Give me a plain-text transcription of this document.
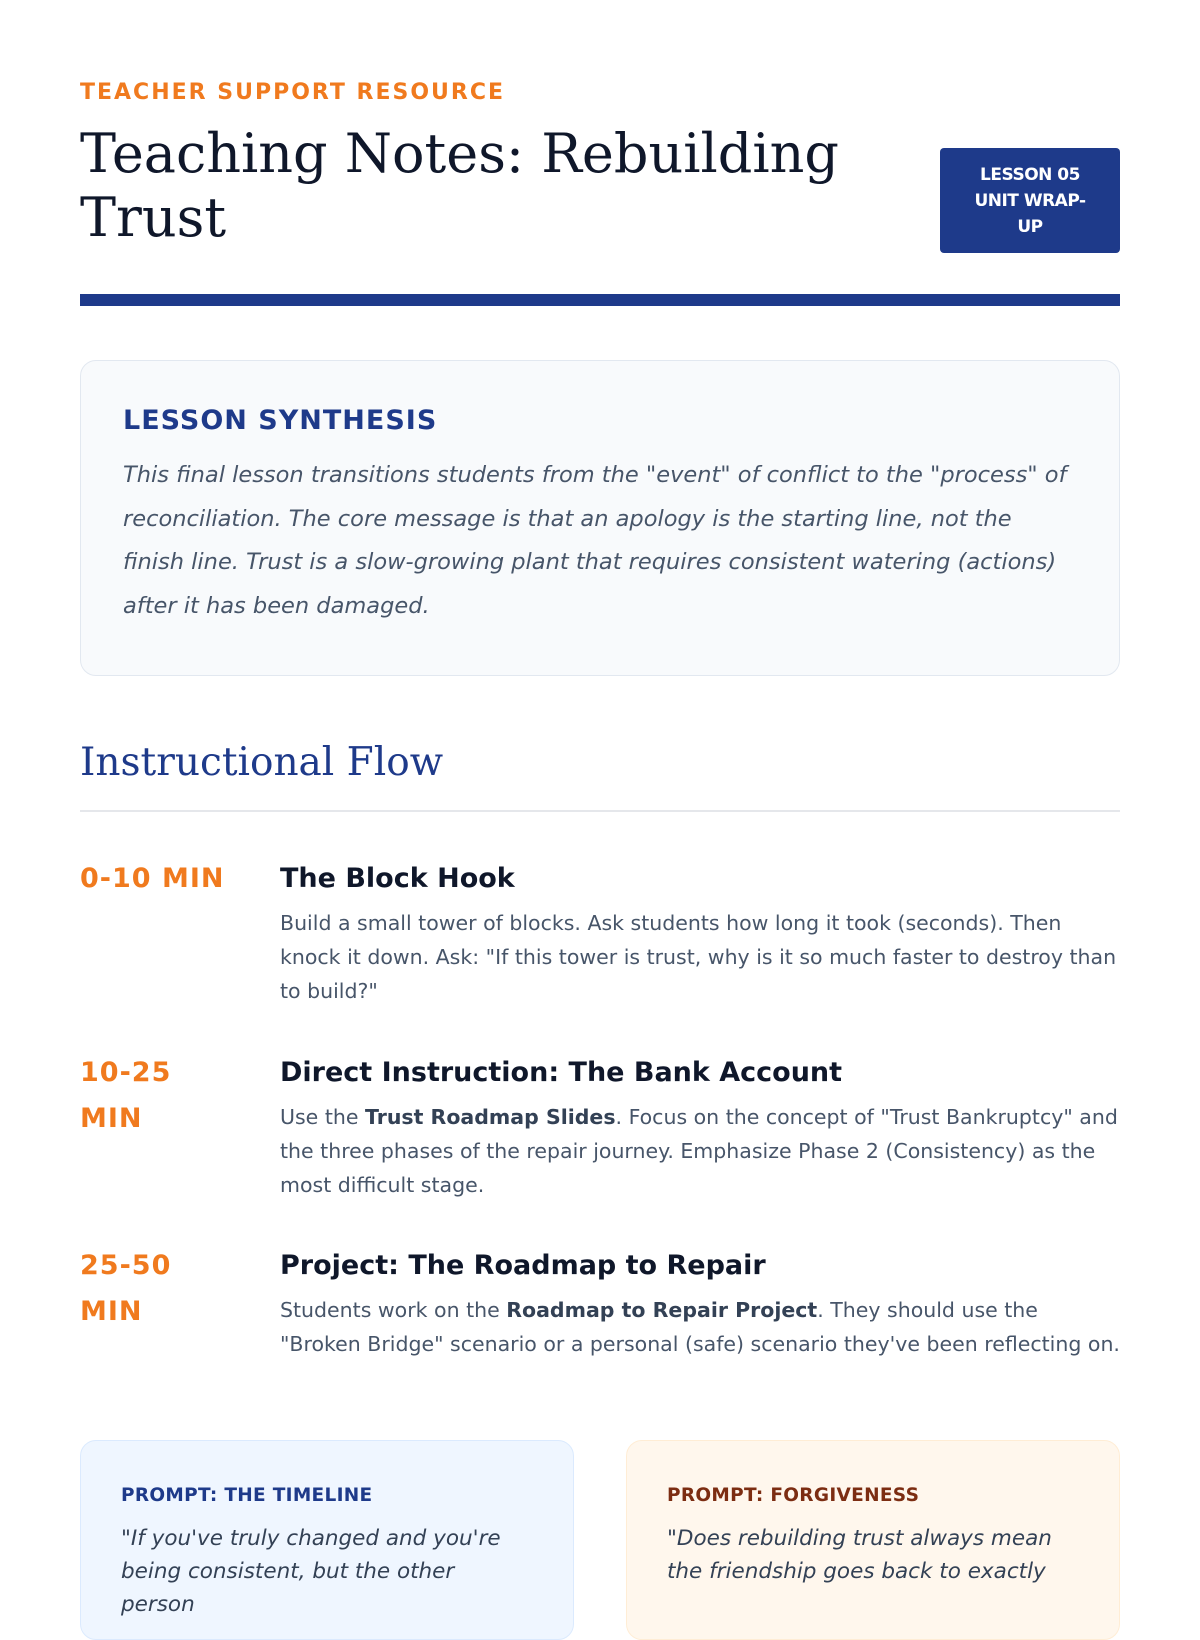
TEACHER SUPPORT RESOURCE
Teaching Notes: Rebuilding Trust
LESSON 05
UNIT WRAP-UP
LESSON SYNTHESIS

This final lesson transitions students from the "event" of conflict to the "process" of reconciliation. The core message is that an apology is the starting line, not the finish line. Trust is a slow-growing plant that requires consistent watering (actions) after it has been damaged.

Instructional Flow
0-10 MIN	The Block Hook

Build a small tower of blocks. Ask students how long it took (seconds). Then knock it down. Ask: "If this tower is trust, why is it so much faster to destroy than to build?"

10-25 MIN
Direct Instruction: The Bank Account

Use the Trust Roadmap Slides. Focus on the concept of "Trust Bankruptcy" and the three phases of the repair journey. Emphasize Phase 2 (Consistency) as the most difficult stage.

25-50 MIN
Project: The Roadmap to Repair

Students work on the Roadmap to Repair Project. They should use the "Broken Bridge" scenario or a personal (safe) scenario they've been reflecting on.

PROMPT: THE TIMELINE

"If you've truly changed and you're being consistent, but the other person

PROMPT: FORGIVENESS

"Does rebuilding trust always mean the friendship goes back to exactly
